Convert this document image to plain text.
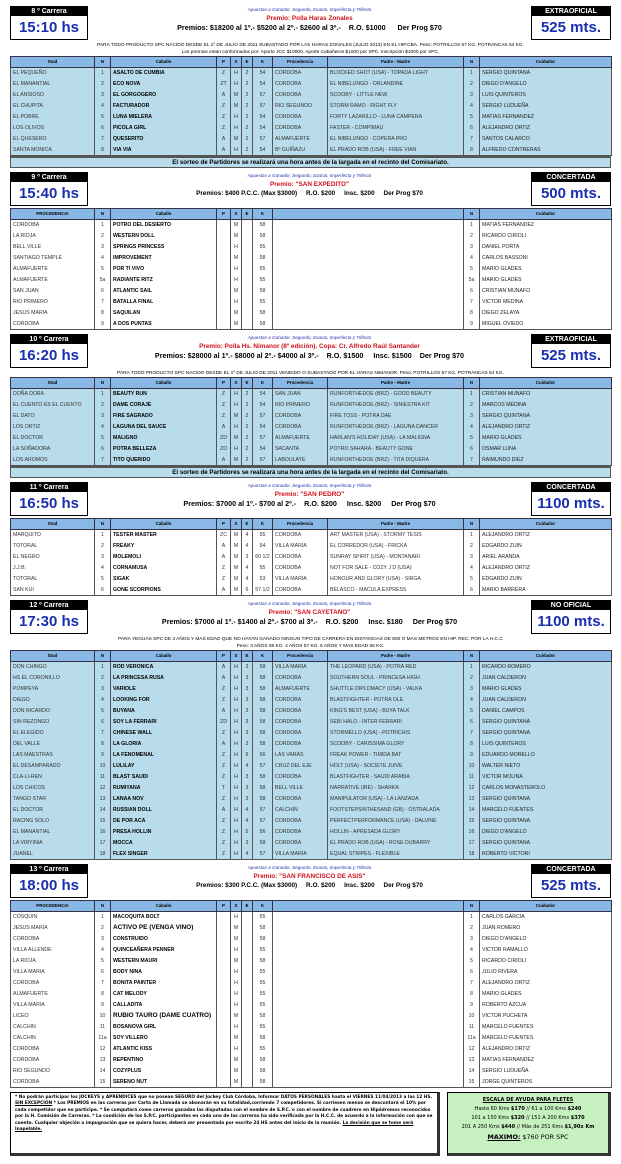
8 º Carrera
15:10 hs
Apuestas a Ganador, Segundo, Exacta, Imperfecta y Trifecta
Premio: Polla Haras Zonales
Premios: $18200 al 1º.- $5200 al 2º.- $2600 al 3º.-    R.O. $1000      Der Prog $70
EXTRAOFICIAL
525 mts.
PARA TODO PRODUCTO SPC NACIDO DESDE EL 1º DE JULIO DE 2011 SUBASTADO POR LAS HARAS ZONALES (JULIO 2013) EN EL HIP.CBA. Peso: POTRILLOS 57 KG. POTRANCAS 54 KG.
Los premios estan conformados por: Aporte JCC $10000. Aporte Cabañeros $1000 por SPC. Inscripción $1000 por SPC.
Stud	N	Caballo	P	S	E	K	Procedencia	Padre - Madre	N	Cuidador
EL PEQUEÑO	1	ASALTO DE CUMBIA	Z	H	2	54	CORDOBA	BLOCKED SHOT (USA) - TOPADA LIGHT	1	SERGIO QUINTANA
EL MANANTIAL	2	ECO NOVA	ZT	H	2	54	CORDOBA	EL NIBELUNGO - ORLANDINE	2	DIEGO D'ANGELO
EL ANSIOSO	3	EL GORGOGERO	A	M	2	57	CORDOBA	SCOOBY - LITTLE NEW	3	LUIS QUINTEROS
EL CHUPITA	4	FACTURADOR	Z	M	2	57	RIO SEGUNDO	STORM RAMO - RIGHT FLY	4	SERGIO LUDUEÑA
EL POBRE	5	LUNA MIELERA	Z	H	2	54	CORDOBA	FORTY LAZARILLO - LUNA CAMPERA	5	MATIAS FERNANDEZ
LOS OLIVOS	6	PICOLA GIRL	Z	H	2	54	CORDOBA	FASTER - COMPIMAU	6	ALEJANDRO ORTIZ
EL QUESERO	7	QUESERITO	A	M	2	57	ALMAFUERTE	EL NIBELUNGO - COPERA PRO	7	SANTOS CALARCO
SANTA MONICA	8	VIA VIA	A	H	2	54	Bº GUIÑAZU	EL PRADO ROB (USA) - FREE VIAN	8	ALFREDO CONTRERAS
El sorteo de Partidores se realizará una hora antes de la largada en el recinto del Comisariato.
9 º Carrera
15:40 hs
Apuestas a Ganador, Segundo, Exacta, Imperfecta y Trifecta
Premio: "SAN EXPEDITO"
Premios: $400 P.C.C. (Max $3000)     R.O. $200     Insc. $200     Der Prog $70
CONCERTADA
500 mts.
PROCEDENCIA	N	Caballo	P	S	E	K		N	Cuidador
CORDOBA	1	POTRO DEL DESIERTO		M		58		1	MATIAS FERNANDEZ
LA RIOJA	2	WESTERN DOLL		M		58		2	RICARDO CIRIOLI
BELL VILLE	3	SPRINGS PRINCESS		H		55		3	DANIEL PORTA
SANTIAGO TEMPLE	4	IMPROVEMENT		M		58		4	CARLOS BASSONI
ALMAFUERTE	5	POR TI VIVO		H		55		5	MARIO GLADES
ALMAFUERTE	5a	RADIANTE RITZ		H		55		5a	MARIO GLADES
SAN JUAN	6	ATLANTIC SAIL		M		58		6	CRISTIAN MUNAFO
RIO PRIMERO	7	BATALLA FINAL		H		55		7	VICTOR MEDINA
JESUS MARIA	8	SAQUILAN		M		58		8	DIEGO ZELAYA
CORDOBA	9	A DOS PUNTAS		M		58		9	MIGUEL OVIEDO
10 º Carrera
16:20 hs
Apuestas a Ganador, Segundo, Exacta, Imperfecta y Trifecta
Premio: Polla Hs. Nimanor (8º edición). Copa: Cr. Alfredo Raúl Santander
Premios: $28000 al 1º.- $8000 al 2º.- $4000 al 3º.-    R.O. $1500     Insc. $1500    Der Prog $70
EXTRAOFICIAL
525 mts.
PARA TODO PRODUCTO SPC NACIDO DESDE EL 1º DE JULIO DE 2011 VENDIDO O SUBASTADO POR EL HARAS NIMANOR. Peso: POTRILLOS 57 KG. POTRANCAS 54 KG.
Stud	N	Caballo	P	S	E	K	Procedencia	Padre - Madre	N	Cuidador
DOÑA DORA	1	BEAUTY RUN	Z	H	2	54	SAN JUAN	RUNFORTHEDOE (BRZ) - GOOD BEAUTY	1	CRISTIAN MUNAFO
EL CUENTO ES EL CUENTO	2	DAME CORAJE	Z	H	2	54	RIO PRIMERO	RUNFORTHEDOE (BRZ) - SINIESTRA KIT	2	MARCOS MEDINA
EL DATO	3	FIRE SAGRADO	Z	M	2	57	CORDOBA	FIRE TOSS - POTRA DAE	3	SERGIO QUINTANA
LOS ORTIZ	4	LAGUNA DEL SAUCE	A	H	2	54	CORDOBA	RUNFORTHEDOE (BRZ) - LAGUNA DANCER	4	ALEJANDRO ORTIZ
EL DOCTOR	5	MALIGNO	ZD	M	2	57	ALMAFUERTE	HARLAN'S HOLIDAY (USA) - LA MALIGNA	5	MARIO GLADES
LA SOÑADORA	6	POTRA BELLEZA	ZD	H	2	54	SACANTA	POTRO SAHARA - BEAUTY GONE	6	OSMAR LUNA
LOS AROMOS	7	TITO QUERIDO	A	M	2	57	LABOULAYE	RUNFORTHEDOE (BRZ) - TITA DIQUERA	7	RAIMUNDO DIEZ
El sorteo de Partidores se realizará una hora antes de la largada en el recinto del Comisariato.
11 º Carrera
16:50 hs
Apuestas a Ganador, Segundo, Exacta, Imperfecta y Trifecta
Premio: "SAN PEDRO"
Premios: $7000 al 1º.- $700 al 2º.-    R.O. $200     Insc. $200     Der Prog $70
CONCERTADA
1100 mts.
Stud	N	Caballo	P	S	E	K	Procedencia	Padre - Madre	N	Cuidador
MARQUITO	1	TESTER MASTER	ZC	M	4	55	CORDOBA	ART MASTER (USA) - STORMY TESIS	1	ALEJANDRO ORTIZ
TOTORAL	2	FREAKY	A	M	4	54	VILLA MARIA	EL CORREDOR (USA) - FRICKA	2	EDGARDO ZUIN
EL NEGRO	3	MOLEMOLI	A	M	3	60 1/2	CORDOBA	SUNRAY SPIRIT (USA) - MONTANARI	3	ARIEL ARANDA
J.J.B.	4	CORNAMUSA	Z	M	4	55	CORDOBA	NOT FOR SALE - COZY J D (USA)	4	ALEJANDRO ORTIZ
TOTORAL	5	SIGAK	Z	M	4	53	VILLA MARIA	HONOUR AND GLORY (USA) - SIRGA	5	EDGARDO ZUIN
SAN KUI	6	GONE SCORPIONS	A	M	6	57 1/2	CORDOBA	BELASCO - MACULA EXPRESS	6	MARIO BARRERA
12 º Carrera
17:30 hs
Apuestas a Ganador, Segundo, Exacta, Imperfecta y Trifecta
Premio: "SAN CAYETANO"
Premios: $7000 al 1º.- $1400 al 2º.- $700 al 3º.-    R.O. $200     Insc. $180     Der Prog $70
NO OFICIAL
1100 mts.
PARA YEGUAS SPC DE 3 AÑOS Y MAS EDAD QUE NO HAYAN GANADO NINGUN TIPO DE CARRERA EN DISTANCIAS DE 800 O MAS METROS EN HIP. REC. POR LA H.C.C
Peso: 3 AÑOS 58 KG. 4 AÑOS 57 KG. 5 AÑOS Y MAS EDAD 56 KG.
Stud	N	Caballo	P	S	E	K	Procedencia	Padre - Madre	N	Cuidador
DON CHINGO	1	ROD VERONICA	A	H	3	58	VILLA MARIA	THE LEOPARD (USA) - POTRA RED	1	RICARDO ROMERO
HS EL CORONILLO	2	LA PRINCESA RUSA	A	H	3	58	CORDOBA	SOUTHERN SOUL - PRINCESA HIGH	2	JUAN CALDERON
POMPEYA	3	VARIOLE	Z	H	3	58	ALMAFUERTE	SHUTTLE DIPLOMACY (USA) - VALKA	3	MARIO GLADES
DIEGO	4	LOOKING FOR	Z	H	3	58	CORDOBA	BLASTFIGHTER - POTRA OLE	4	JUAN CALDERON
DON RICARDO	5	BUYANA	A	H	3	58	CORDOBA	KING'S BEST (USA) - BUYA TALK	5	DANIEL CAMPOS
SIN REZONGO	6	SOY LA FERRARI	ZD	H	3	58	CORDOBA	SEBI HALO - INTER FERRARI	6	SERGIO QUINTANA
EL ELEGIDO	7	CHINESE WALL	Z	H	3	58	CORDOBA	STORMELLO (USA) - POTRICHIS	7	SERGIO QUINTANA
DEL VALLE	8	LA GLORIA	A	H	3	58	CORDOBA	SCOOBY - CARISSIMA GLORY	8	LUIS QUINTEROS
LAS MAESTRAS	9	LA FENOMENAL	Z	H	6	56	LAS VARAS	FREAK POWER - TIMIDA BAT	9	EDUARDO MORELLO
EL DESAMPARADO	10	LULILAY	Z	H	4	57	CRUZ DEL EJE	HOLT (USA) - SOCIETE JUIVE	10	WALTER NIETO
CLA-LI-REN	11	BLAST SAUDI	Z	H	3	58	CORDOBA	BLASTFIGHTER - SAUDI ARABIA	11	VICTOR MOLINA
LOS CHICOS	12	RUMIYANA	T	H	3	58	BELL VILLE	NARRATIVE (IRE) - SHARKA	12	CARLOS MONASTEROLO
TANGO STAR	13	LANAA NOV	Z	H	3	58	CORDOBA	MANIPULATOR (USA) - LA LANZADA	13	SERGIO QUINTANA
EL DOCTOR	14	RUSSIAN DOLL	A	H	4	57	CALCHIN	FOOTSTEPSINTHESAND (GB) - OSTRALADA	14	MARCELO FUENTES
RACING SOLO	15	DE POR ACA	Z	H	4	57	CORDOBA	PERFECTPERFORMANCE (USA) - DALVINE	15	SERGIO QUINTANA
EL MANANTIAL	16	PRESA HOLLIN	Z	H	5	56	CORDOBA	HOLLIN - APRESADA GLORY	16	DIEGO D'ANGELO
LA VIRYINIA	17	MOCCA	Z	H	3	58	CORDOBA	EL PRADO ROB (USA) - ROSE DUBARRY	17	SERGIO QUINTANA
JUANEL	18	FLEX SINGER	Z	H	4	57	VILLA MARIA	EQUAL STRIPES - FLEXIBLE	18	ROBERTO VICTORI
13 º Carrera
18:00 hs
Apuestas a Ganador, Segundo, Exacta, Imperfecta y Trifecta
Premio: "SAN FRANCISCO DE ASIS"
Premios: $300 P.C.C. (Max $3000)     R.O. $200     Insc. $200     Der Prog $70
CONCERTADA
525 mts.
PROCEDENCIA	N	Caballo	P	S	E	K		N	Cuidador
COSQUIN	1	MACOQUITA BOLT		H		55		1	CARLOS GARCIA
JESUS MARIA	2	ACTIVO PE (VENGA VINO)		M		58		2	JUAN ROMERO
CORDOBA	3	CONSTRUIDO		M		58		3	DIEGO D'ANGELO
VILLA ALLENDE	4	QUINCEAÑERA PENNER		H		55		4	VICTOR RAMALLO
LA RIOJA	5	WESTERN MAURI		M		58		5	RICARDO CIRIOLI
VILLA MARIA	6	BODY NINA		H		55		6	JULIO RIVERA
CORDOBA	7	BONITA PAINTER		H		55		7	ALEJANDRO ORTIZ
ALMAFUERTE	8	CAT MELODY		H		55		8	MARIO GLADES
VILLA MARIA	9	CALLADITA		H		55		9	ROBERTO AZCUA
LICEO	10	RUBIO TAURO (DAME CUATRO)		M		58		10	VICTOR PUCHETA
CALCHIN	11	BOSANOVA GIRL		H		55		11	MARCELO FUENTES
CALCHIN	11a	SOY VILLERO		M		58		11a	MARCELO FUENTES
CORDOBA	12	ATLANTIC KISS		H		55		12	ALEJANDRO ORTIZ
CORDOBA	13	REPENTINO		M		58		13	MATIAS FERNANDEZ
RIO SEGUNDO	14	COZYPLUS		M		58		14	SERGIO LUDUEÑA
CORDOBA	15	SERENO NUT		M		58		15	JORGE QUINTEROS
* No podrán participar los JOCKEYS y APRENDICES que no posean SEGURO del Jockey Club Córdoba, Informar DATOS PERSONALES hasta el VIERNES 11/04/2013 a las 12 HS. SIN EXCEPCIÓN * Los PREMIOS en las carreras por Carta de Llamada se abonarán en su totalidad,corriendo 7 competidores. Si corriesen menos se descontará el 10% por cada competidor que no participe. * Se computará como carreras ganadas las disputadas con el nombre de S.P.C. o con el nombre de cuadrero en Hipódromos reconocidos por la H. Comisión de Carreras. * La condición de los S.P.C. participantes en cada una de las carreras ha sido verificada por la H.C.C. de acuerdo a la información con que se cuenta. Cualquier objeción o impugnación que se quiera hacer, deberá ser presentada por escrito 24 HS antes del inicio de la reunión. La decisión que se tome será Inapelable.
ESCALA DE AYUDA PARA FLETES
Hasta 60 Kms $170 // 61 a 100 Kms $240
101 a 150 Kms $320 // 151 A 200 Kms $370
201 A 250 Kms $440 // Más de 251 Kms $1,90x Km
MAXIMO: $760 POR SPC
